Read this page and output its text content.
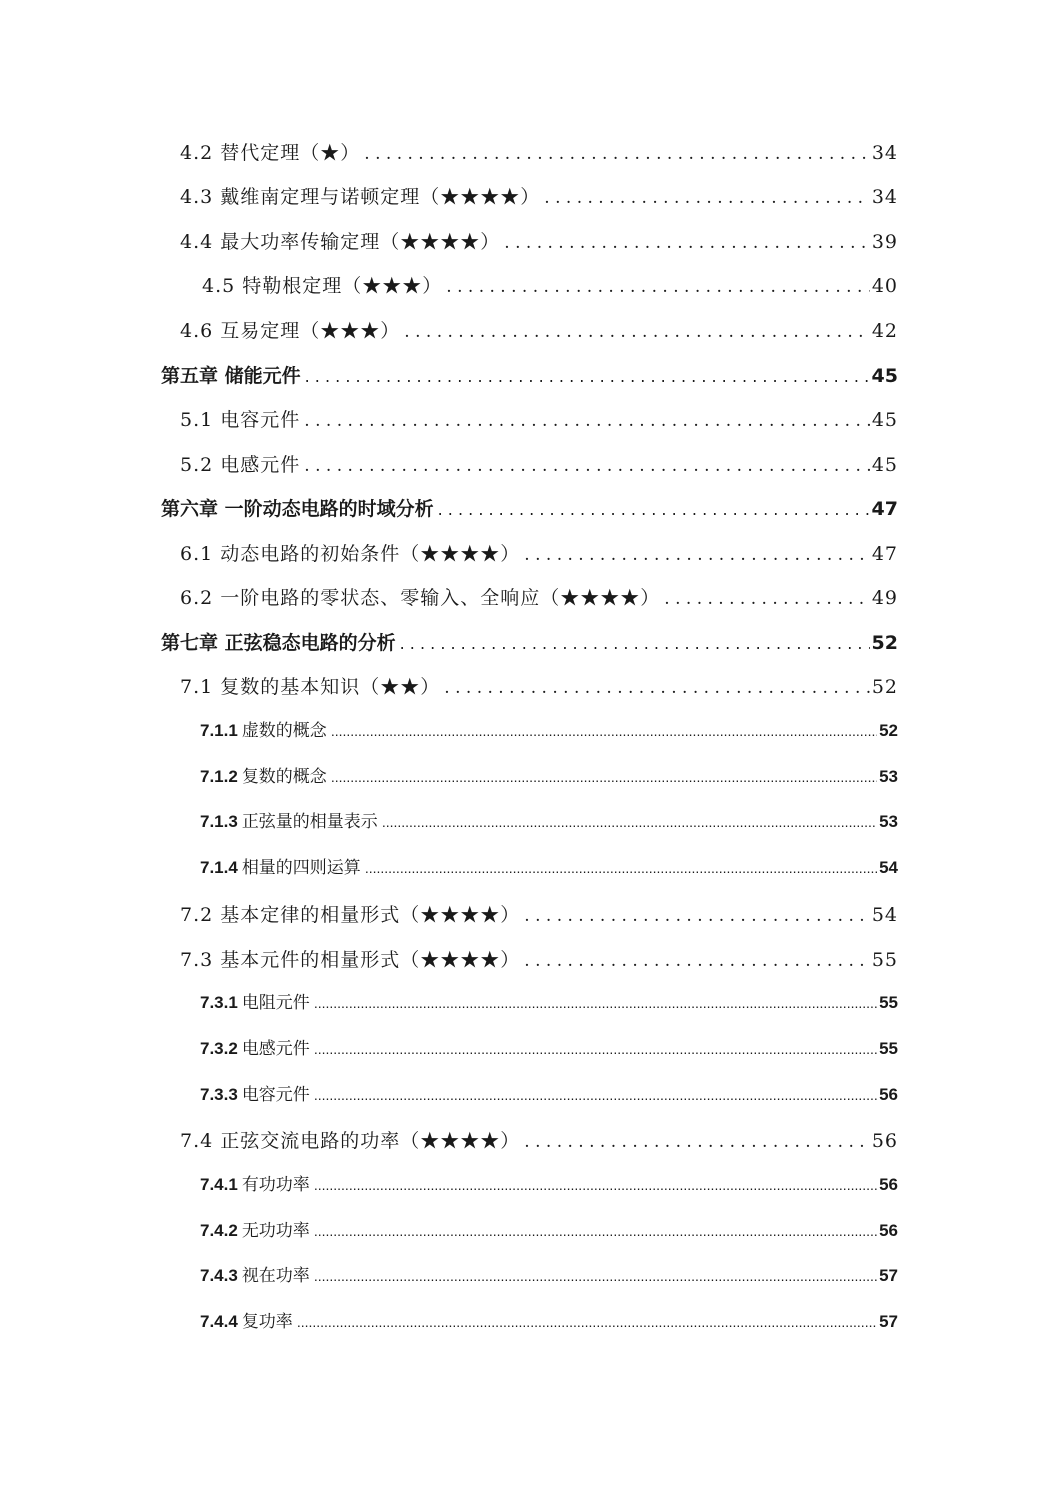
4.2 替代定理（★） . . .	34
4.3 戴维南定理与诺顿定理（★★★★） . . .	34
4.4 最大功率传输定理（★★★★） . . .	39
4.5 特勒根定理（★★★） . . .	40
4.6 互易定理（★★★） . . .	42
第五章 储能元件 . . .	45
5.1 电容元件 . . .	45
5.2 电感元件 . . .	45
第六章 一阶动态电路的时域分析 . . .	47
6.1 动态电路的初始条件（★★★★） . . .	47
6.2 一阶电路的零状态、零输入、全响应（★★★★） . . .	49
第七章 正弦稳态电路的分析 . . .	52
7.1 复数的基本知识（★★） . . .	52
7.1.1 虚数的概念 .....	52
7.1.2 复数的概念 .....	53
7.1.3 正弦量的相量表示 .....	53
7.1.4 相量的四则运算 .....	54
7.2 基本定律的相量形式（★★★★） . . .	54
7.3 基本元件的相量形式（★★★★） . . .	55
7.3.1 电阻元件 .....	55
7.3.2 电感元件 .....	55
7.3.3 电容元件 .....	56
7.4 正弦交流电路的功率（★★★★） . . .	56
7.4.1 有功功率 .....	56
7.4.2 无功功率 .....	56
7.4.3 视在功率 .....	57
7.4.4 复功率 .....	57
